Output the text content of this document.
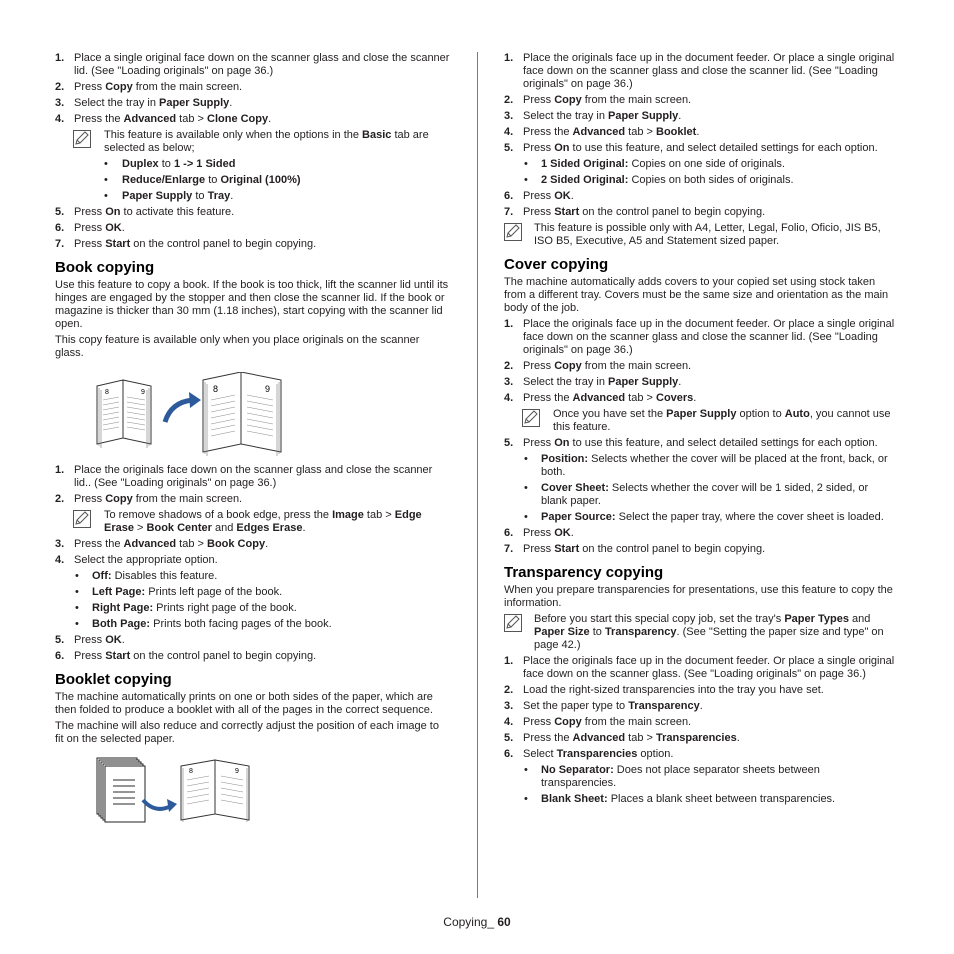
1. Place a single original face down on the scanner glass and close the scanner lid. (See "Loading originals" on page 36.)
2. Press Copy from the main screen.
3. Select the tray in Paper Supply.
4. Press the Advanced tab > Clone Copy.
This feature is available only when the options in the Basic tab are selected as below;
• Duplex to 1 -> 1 Sided
• Reduce/Enlarge to Original (100%)
• Paper Supply to Tray.
5. Press On to activate this feature.
6. Press OK.
7. Press Start on the control panel to begin copying.
Book copying

Use this feature to copy a book. If the book is too thick, lift the scanner lid until its hinges are engaged by the stopper and then close the scanner lid. If the book or magazine is thicker than 30 mm (1.18 inches), start copying with the scanner lid open.

This copy feature is available only when you place originals on the scanner glass.

8	9	8	9
1. Place the originals face down on the scanner glass and close the scanner lid.. (See "Loading originals" on page 36.)
2. Press Copy from the main screen.
To remove shadows of a book edge, press the Image tab > Edge Erase > Book Center and Edges Erase.
3. Press the Advanced tab > Book Copy.
4. Select the appropriate option.
• Off: Disables this feature.
• Left Page: Prints left page of the book.
• Right Page: Prints right page of the book.
• Both Page: Prints both facing pages of the book.
5. Press OK.
6. Press Start on the control panel to begin copying.
Booklet copying

The machine automatically prints on one or both sides of the paper, which are then folded to produce a booklet with all of the pages in the correct sequence.

The machine will also reduce and correctly adjust the position of each image to fit on the selected paper.

8	9
1. Place the originals face up in the document feeder. Or place a single original face down on the scanner glass and close the scanner lid. (See "Loading originals" on page 36.)
2. Press Copy from the main screen.
3. Select the tray in Paper Supply.
4. Press the Advanced tab > Booklet.
5. Press On to use this feature, and select detailed settings for each option.
• 1 Sided Original: Copies on one side of originals.
• 2 Sided Original: Copies on both sides of originals.
6. Press OK.
7. Press Start on the control panel to begin copying.
This feature is possible only with A4, Letter, Legal, Folio, Oficio, JIS B5, ISO B5, Executive, A5 and Statement sized paper.
Cover copying

The machine automatically adds covers to your copied set using stock taken from a different tray. Covers must be the same size and orientation as the main body of the job.

1. Place the originals face up in the document feeder. Or place a single original face down on the scanner glass and close the scanner lid. (See "Loading originals" on page 36.)
2. Press Copy from the main screen.
3. Select the tray in Paper Supply.
4. Press the Advanced tab > Covers.
Once you have set the Paper Supply option to Auto, you cannot use this feature.
5. Press On to use this feature, and select detailed settings for each option.
• Position: Selects whether the cover will be placed at the front, back, or both.
• Cover Sheet: Selects whether the cover will be 1 sided, 2 sided, or blank paper.
• Paper Source: Select the paper tray, where the cover sheet is loaded.
6. Press OK.
7. Press Start on the control panel to begin copying.
Transparency copying

When you prepare transparencies for presentations, use this feature to copy the information.

Before you start this special copy job, set the tray's Paper Types and Paper Size to Transparency. (See "Setting the paper size and type" on page 42.)
1. Place the originals face up in the document feeder. Or place a single original face down on the scanner glass. (See "Loading originals" on page 36.)
2. Load the right-sized transparencies into the tray you have set.
3. Set the paper type to Transparency.
4. Press Copy from the main screen.
5. Press the Advanced tab > Transparencies.
6. Select Transparencies option.
• No Separator: Does not place separator sheets between transparencies.
• Blank Sheet: Places a blank sheet between transparencies.
Copying_ 60
